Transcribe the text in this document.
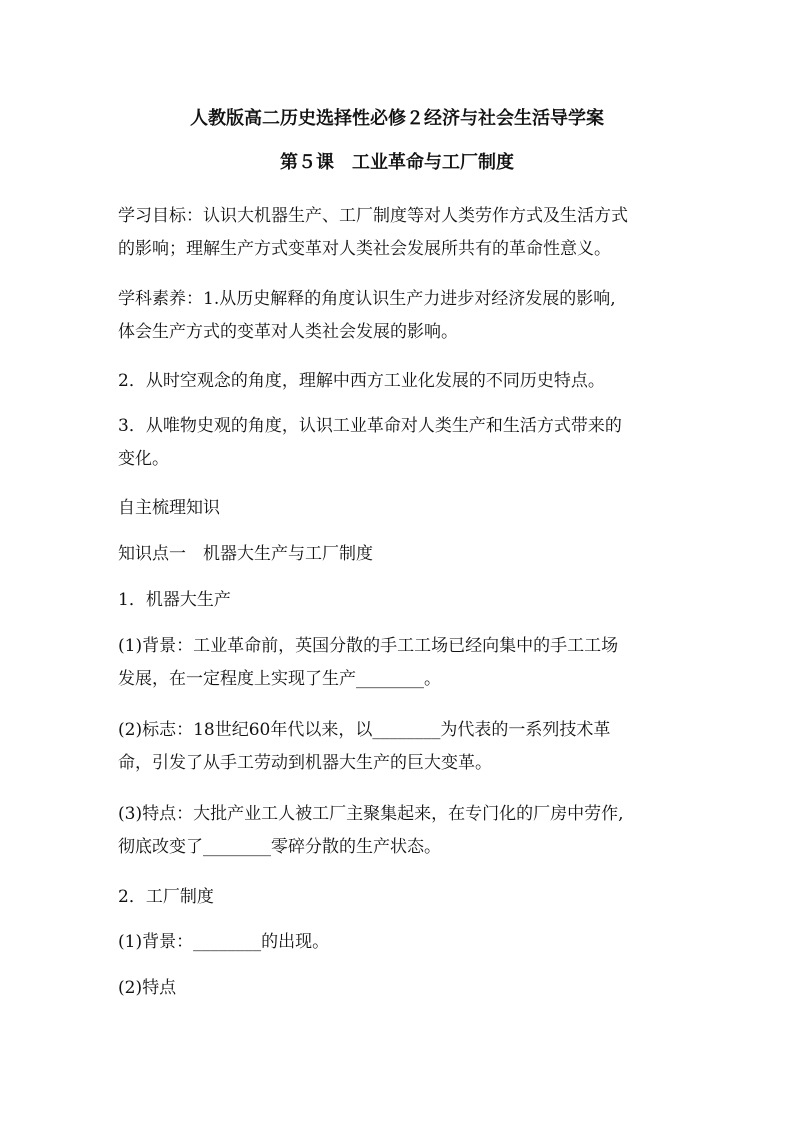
人教版高二历史选择性必修２经济与社会生活导学案
第５课　工业革命与工厂制度
学习目标：认识大机器生产、工厂制度等对人类劳作方式及生活方式
的影响；理解生产方式变革对人类社会发展所共有的革命性意义。
学科素养：1.从历史解释的角度认识生产力进步对经济发展的影响,
体会生产方式的变革对人类社会发展的影响。
2．从时空观念的角度，理解中西方工业化发展的不同历史特点。
3．从唯物史观的角度，认识工业革命对人类生产和生活方式带来的
变化。
自主梳理知识
知识点一　机器大生产与工厂制度
1．机器大生产
(1)背景：工业革命前，英国分散的手工工场已经向集中的手工工场
发展，在一定程度上实现了生产________。
(2)标志：18世纪60年代以来，以________为代表的一系列技术革
命，引发了从手工劳动到机器大生产的巨大变革。
(3)特点：大批产业工人被工厂主聚集起来，在专门化的厂房中劳作,
彻底改变了________零碎分散的生产状态。
2．工厂制度
(1)背景：________的出现。
(2)特点
